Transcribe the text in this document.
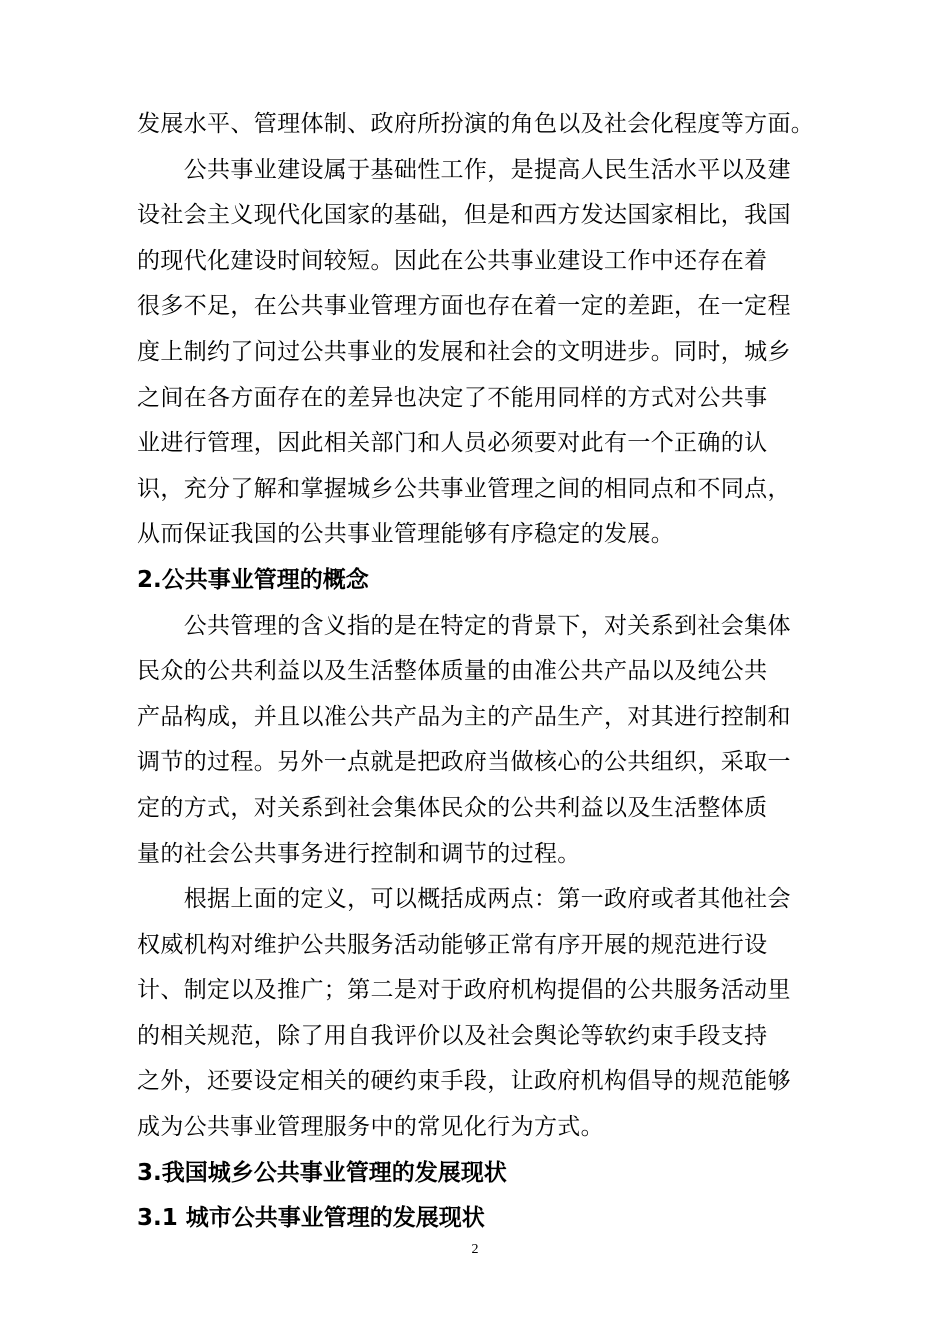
发展水平、管理体制、政府所扮演的角色以及社会化程度等方面。
　　公共事业建设属于基础性工作，是提高人民生活水平以及建
设社会主义现代化国家的基础，但是和西方发达国家相比，我国
的现代化建设时间较短。因此在公共事业建设工作中还存在着
很多不足，在公共事业管理方面也存在着一定的差距，在一定程
度上制约了问过公共事业的发展和社会的文明进步。同时，城乡
之间在各方面存在的差异也决定了不能用同样的方式对公共事
业进行管理，因此相关部门和人员必须要对此有一个正确的认
识，充分了解和掌握城乡公共事业管理之间的相同点和不同点，
从而保证我国的公共事业管理能够有序稳定的发展。
2.公共事业管理的概念
　　公共管理的含义指的是在特定的背景下，对关系到社会集体
民众的公共利益以及生活整体质量的由准公共产品以及纯公共
产品构成，并且以准公共产品为主的产品生产，对其进行控制和
调节的过程。另外一点就是把政府当做核心的公共组织，采取一
定的方式，对关系到社会集体民众的公共利益以及生活整体质
量的社会公共事务进行控制和调节的过程。
　　根据上面的定义，可以概括成两点：第一政府或者其他社会
权威机构对维护公共服务活动能够正常有序开展的规范进行设
计、制定以及推广；第二是对于政府机构提倡的公共服务活动里
的相关规范，除了用自我评价以及社会舆论等软约束手段支持
之外，还要设定相关的硬约束手段，让政府机构倡导的规范能够
成为公共事业管理服务中的常见化行为方式。
3.我国城乡公共事业管理的发展现状
3.1 城市公共事业管理的发展现状
2
